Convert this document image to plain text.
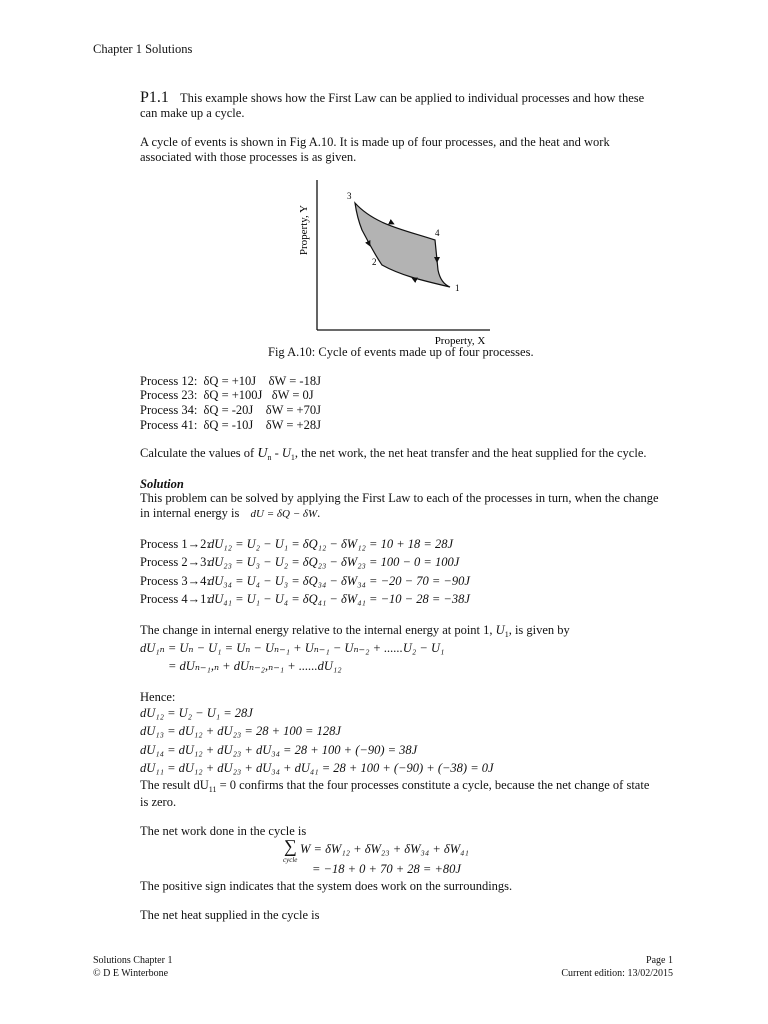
Chapter 1 Solutions
P1.1 This example shows how the First Law can be applied to individual processes and how these
can make up a cycle.
A cycle of events is shown in Fig A.10. It is made up of four processes, and the heat and work
associated with those processes is as given.
3
4
2
1
Property, Y
Property, X
Fig A.10: Cycle of events made up of four processes.
Process 12:  δQ = +10J    δW = -18J
Process 23:  δQ = +100J   δW = 0J
Process 34:  δQ = -20J    δW = +70J
Process 41:  δQ = -10J    δW = +28J
Calculate the values of $U_n - U_1$, the net work, the net heat transfer and the heat supplied for the cycle.
Solution
This problem can be solved by applying the First Law to each of the processes in turn, when the change
in internal energy is dU = δQ − δW.
Process 1→2:
dU₁₂ = U₂ − U₁ = δQ₁₂ − δW₁₂ = 10 + 18 = 28J
Process 2→3:
dU₂₃ = U₃ − U₂ = δQ₂₃ − δW₂₃ = 100 − 0 = 100J
Process 3→4:
dU₃₄ = U₄ − U₃ = δQ₃₄ − δW₃₄ = −20 − 70 = −90J
Process 4→1:
dU₄₁ = U₁ − U₄ = δQ₄₁ − δW₄₁ = −10 − 28 = −38J
The change in internal energy relative to the internal energy at point 1, $U_1$, is given by
dU₁ₙ = Uₙ − U₁ = Uₙ − Uₙ₋₁ + Uₙ₋₁ − Uₙ₋₂ + ......U₂ − U₁
= dUₙ₋₁,ₙ + dUₙ₋₂,ₙ₋₁ + ......dU₁₂
Hence:
dU₁₂ = U₂ − U₁ = 28J
dU₁₃ = dU₁₂ + dU₂₃ = 28 + 100 = 128J
dU₁₄ = dU₁₂ + dU₂₃ + dU₃₄ = 28 + 100 + (−90) = 38J
dU₁₁ = dU₁₂ + dU₂₃ + dU₃₄ + dU₄₁ = 28 + 100 + (−90) + (−38) = 0J
The result $dU_{11} = 0$ confirms that the four processes constitute a cycle, because the net change of state
is zero.
The net work done in the cycle is
∑
cycle
W = δW₁₂ + δW₂₃ + δW₃₄ + δW₄₁
= −18 + 0 + 70 + 28 = +80J
The positive sign indicates that the system does work on the surroundings.
The net heat supplied in the cycle is
Solutions Chapter 1
© D E Winterbone
Page 1
Current edition: 13/02/2015
